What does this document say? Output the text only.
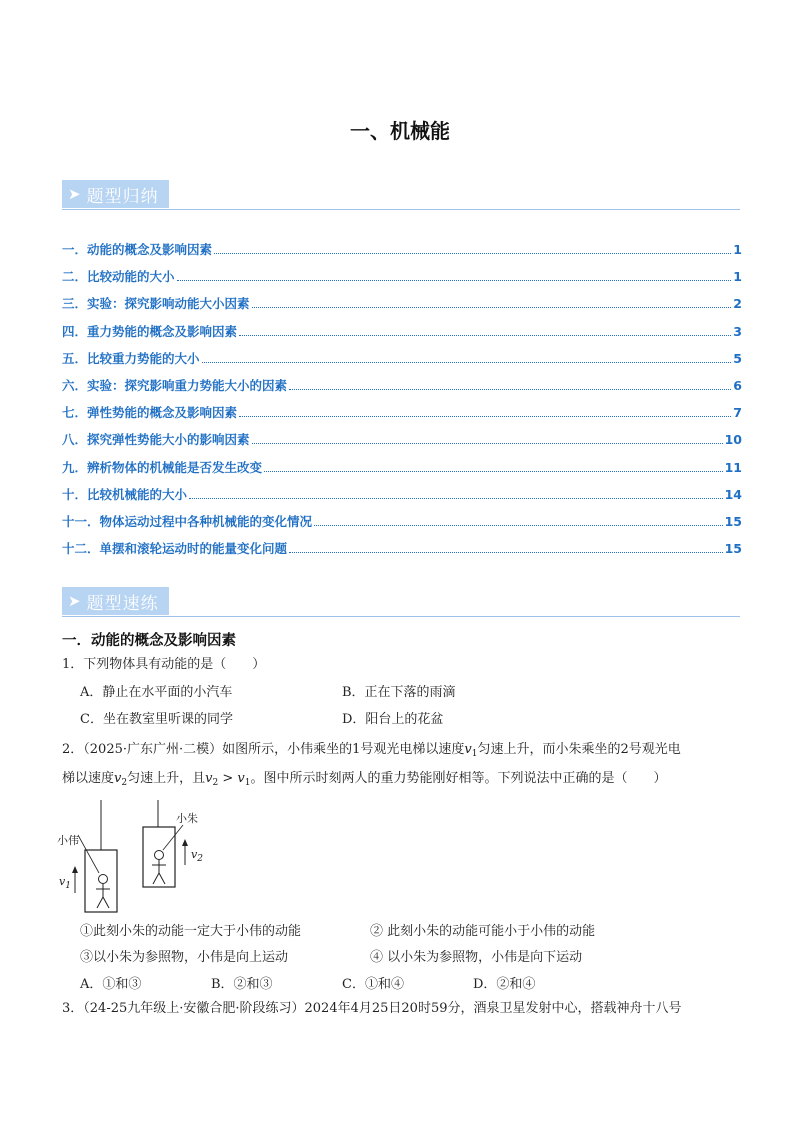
一、机械能
➤ 题型归纳
一．动能的概念及影响因素	1
二．比较动能的大小	1
三．实验：探究影响动能大小因素	2
四．重力势能的概念及影响因素	3
五．比较重力势能的大小	5
六．实验：探究影响重力势能大小的因素	6
七．弹性势能的概念及影响因素	7
八．探究弹性势能大小的影响因素	10
九．辨析物体的机械能是否发生改变	11
十．比较机械能的大小	14
十一．物体运动过程中各种机械能的变化情况	15
十二．单摆和滚轮运动时的能量变化问题	15
➤ 题型速练
一．动能的概念及影响因素
1．下列物体具有动能的是（　　）
A．静止在水平面的小汽车	B．正在下落的雨滴
C．坐在教室里听课的同学	D．阳台上的花盆
2．（2025·广东广州·二模）如图所示，小伟乘坐的1号观光电梯以速度$v_1$匀速上升，而小朱乘坐的2号观光电
梯以速度$v_2$匀速上升，且$v_2 > v_1$。图中所示时刻两人的重力势能刚好相等。下列说法中正确的是（　　）
小伟
小朱
$v_1$
$v_2$
①此刻小朱的动能一定大于小伟的动能	② 此刻小朱的动能可能小于小伟的动能
③以小朱为参照物，小伟是向上运动	④ 以小朱为参照物，小伟是向下运动
A．①和③	B．②和③	C．①和④	D．②和④
3．（24-25九年级上·安徽合肥·阶段练习）2024年4月25日20时59分，酒泉卫星发射中心，搭载神舟十八号
